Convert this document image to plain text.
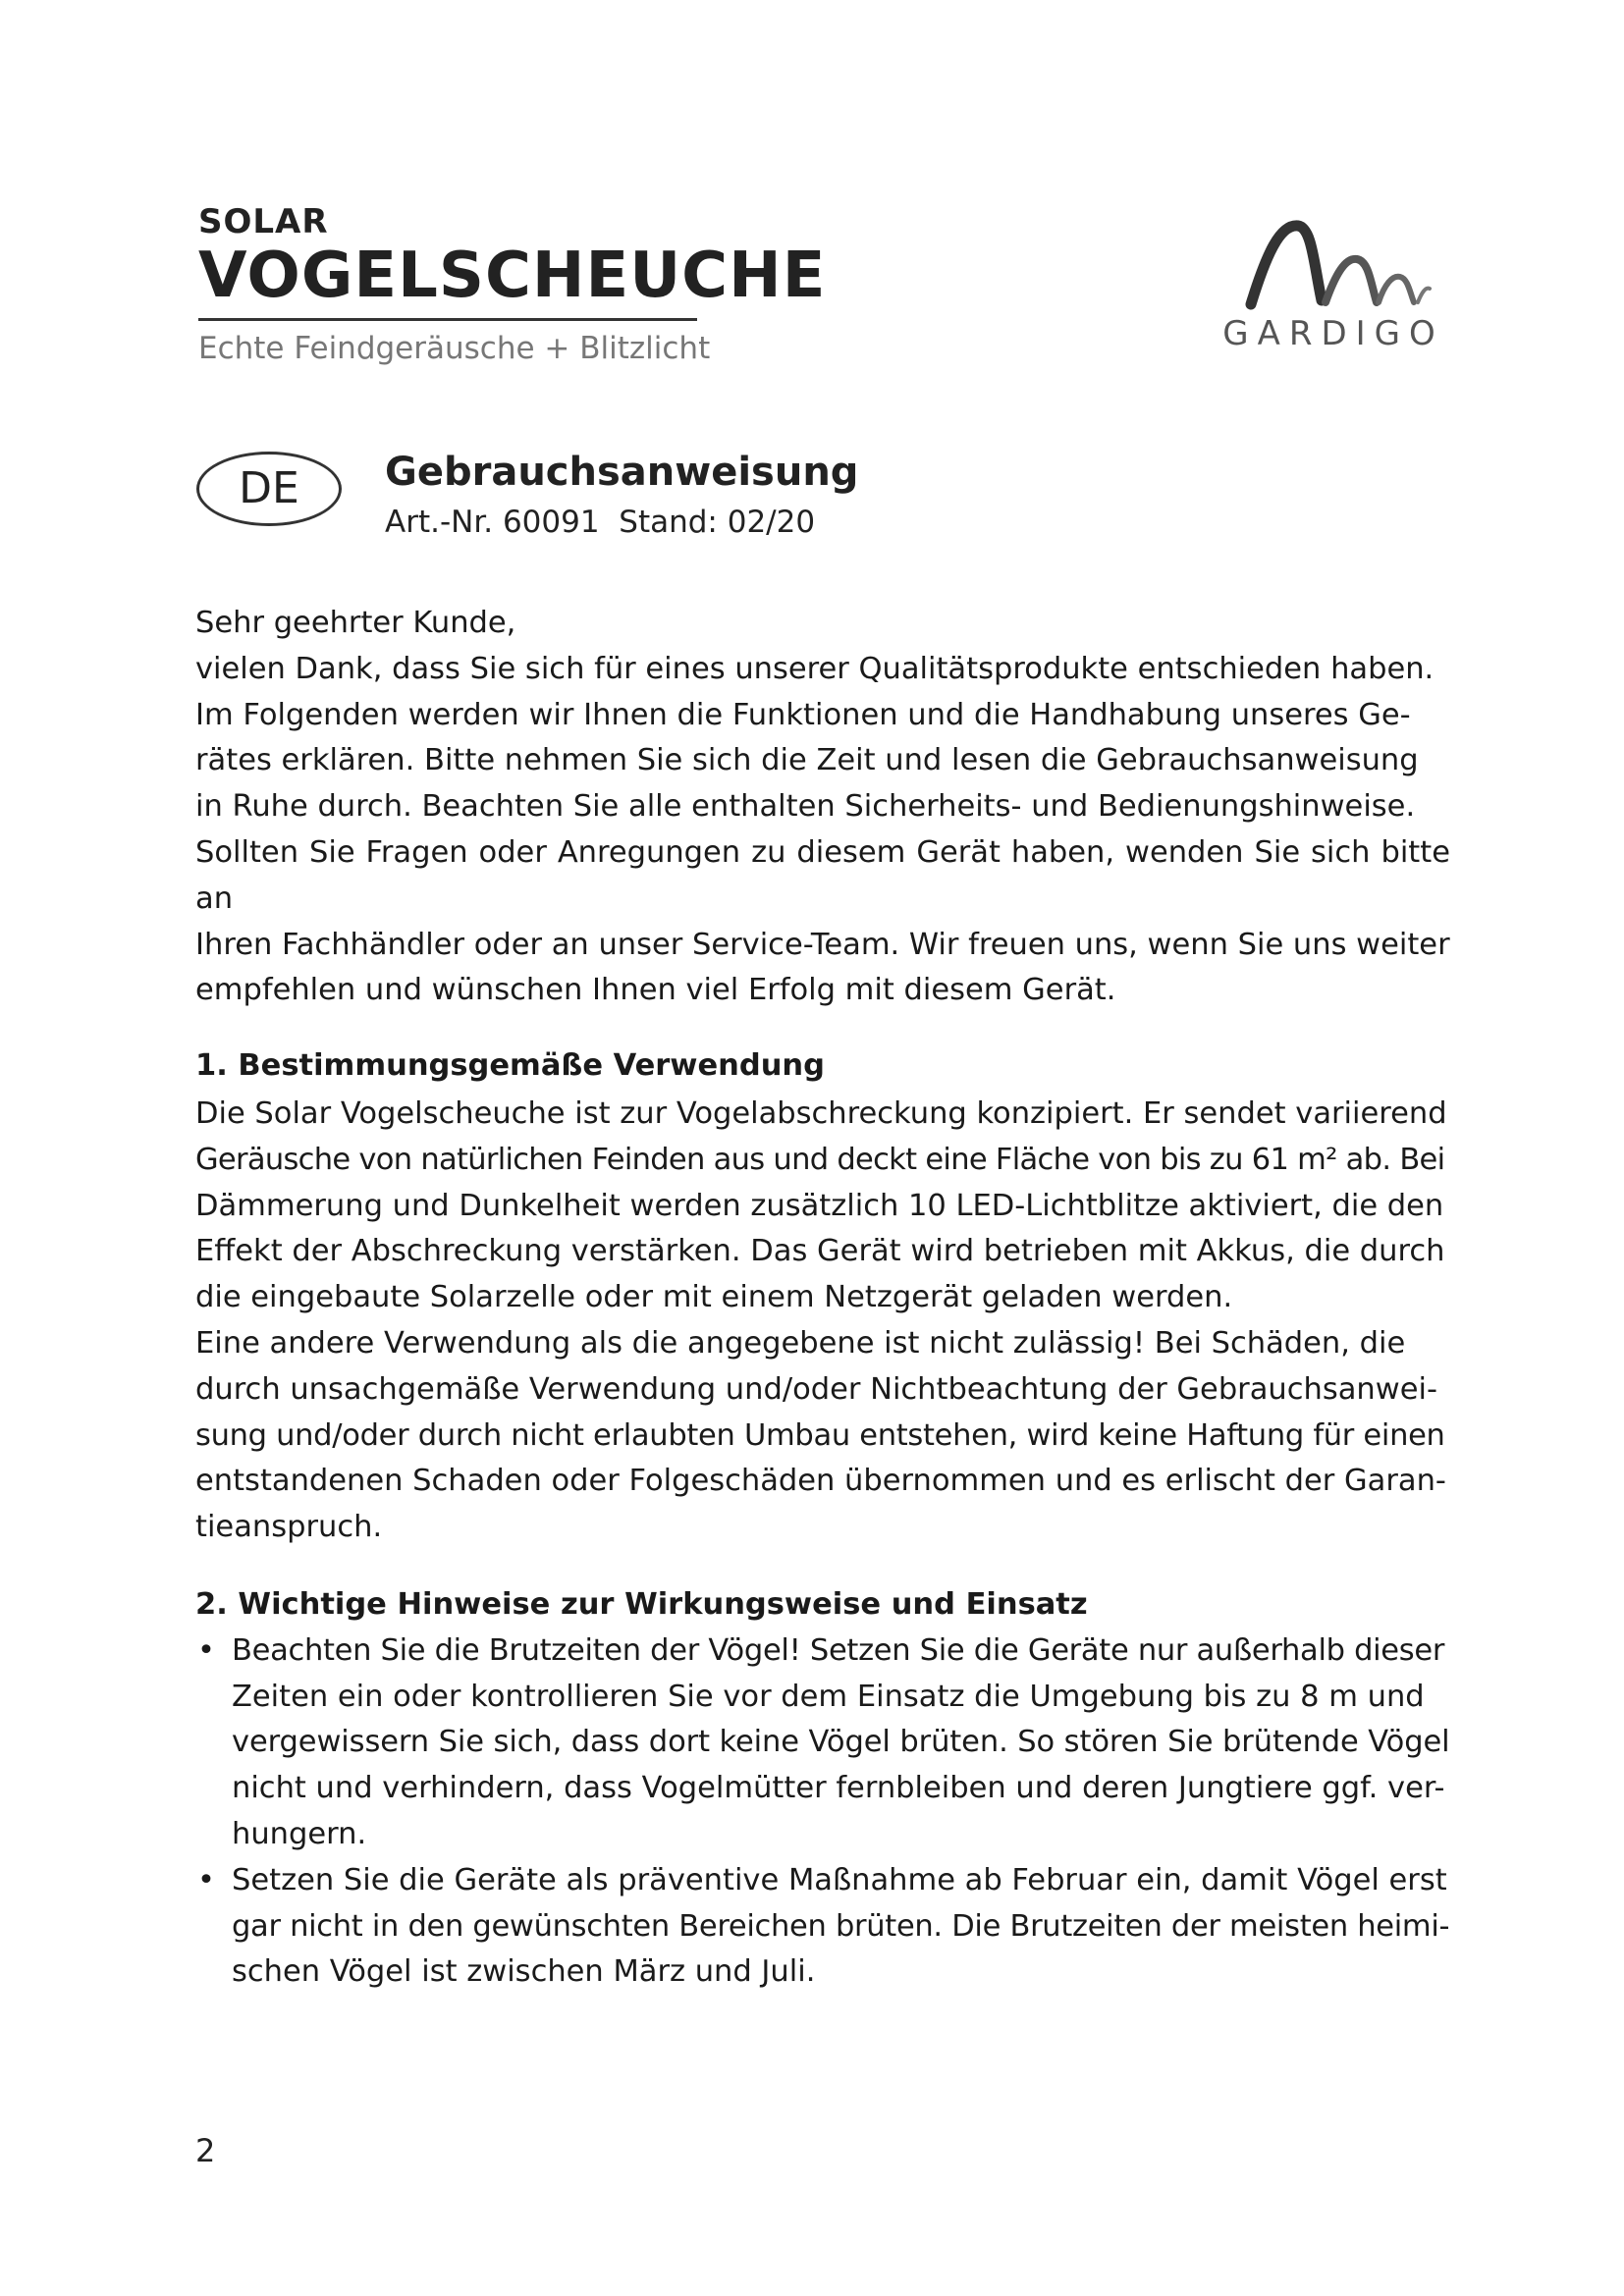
SOLAR
VOGELSCHEUCHE
Echte Feindgeräusche + Blitzlicht	GARDIGO
DE	Gebrauchsanweisung
Art.-Nr. 60091 Stand: 02/20

Sehr geehrter Kunde,

vielen Dank, dass Sie sich für eines unserer Qualitätsprodukte entschieden haben.
Im Folgenden werden wir Ihnen die Funktionen und die Handhabung unseres Ge-
rätes erklären. Bitte nehmen Sie sich die Zeit und lesen die Gebrauchsanweisung
in Ruhe durch. Beachten Sie alle enthalten Sicherheits- und Bedienungshinweise.
Sollten Sie Fragen oder Anregungen zu diesem Gerät haben, wenden Sie sich bitte an
Ihren Fachhändler oder an unser Service-Team. Wir freuen uns, wenn Sie uns weiter
empfehlen und wünschen Ihnen viel Erfolg mit diesem Gerät.
1. Bestimmungsgemäße Verwendung
Die Solar Vogelscheuche ist zur Vogelabschreckung konzipiert. Er sendet variierend
Geräusche von natürlichen Feinden aus und deckt eine Fläche von bis zu 61 m² ab. Bei
Dämmerung und Dunkelheit werden zusätzlich 10 LED-Lichtblitze aktiviert, die den
Effekt der Abschreckung verstärken. Das Gerät wird betrieben mit Akkus, die durch
die eingebaute Solarzelle oder mit einem Netzgerät geladen werden.
Eine andere Verwendung als die angegebene ist nicht zulässig! Bei Schäden, die
durch unsachgemäße Verwendung und/oder Nichtbeachtung der Gebrauchsanwei-
sung und/oder durch nicht erlaubten Umbau entstehen, wird keine Haftung für einen
entstandenen Schaden oder Folgeschäden übernommen und es erlischt der Garan-
tieanspruch.
2. Wichtige Hinweise zur Wirkungsweise und Einsatz
• Beachten Sie die Brutzeiten der Vögel! Setzen Sie die Geräte nur außerhalb dieser
Zeiten ein oder kontrollieren Sie vor dem Einsatz die Umgebung bis zu 8 m und
vergewissern Sie sich, dass dort keine Vögel brüten. So stören Sie brütende Vögel
nicht und verhindern, dass Vogelmütter fernbleiben und deren Jungtiere ggf. ver-
hungern.
• Setzen Sie die Geräte als präventive Maßnahme ab Februar ein, damit Vögel erst
gar nicht in den gewünschten Bereichen brüten. Die Brutzeiten der meisten heimi-
schen Vögel ist zwischen März und Juli.
2
